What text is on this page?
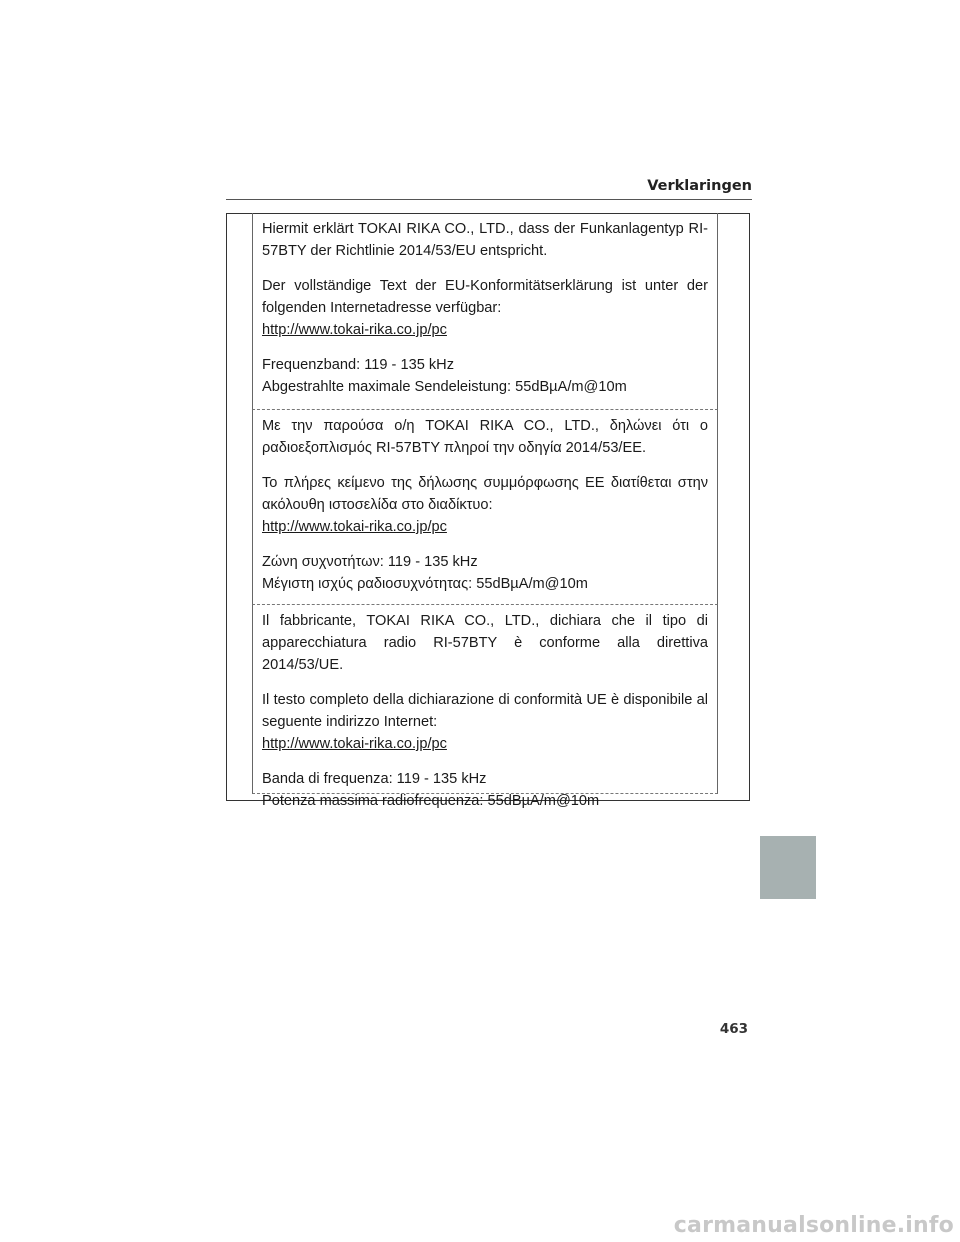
Verklaringen

Hiermit erklärt TOKAI RIKA CO., LTD., dass der Funkanlagentyp RI-57BTY der Richtlinie 2014/53/EU entspricht.

Der vollständige Text der EU-Konformitätserklärung ist unter der folgenden Internetadresse verfügbar:

http://www.tokai-rika.co.jp/pc

Frequenzband: 119 - 135 kHz

Abgestrahlte maximale Sendeleistung: 55dBµA/m@10m

Με την παρούσα ο/η TOKAI RIKA CO., LTD., δηλώνει ότι ο ραδιοεξοπλισμός RI-57BTY πληροί την οδηγία 2014/53/ΕΕ.

Το πλήρες κείμενο της δήλωσης συμμόρφωσης ΕΕ διατίθεται στην ακόλουθη ιστοσελίδα στο διαδίκτυο:

http://www.tokai-rika.co.jp/pc

Ζώνη συχνοτήτων: 119 - 135 kHz

Μέγιστη ισχύς ραδιοσυχνότητας: 55dBµA/m@10m

Il fabbricante, TOKAI RIKA CO., LTD., dichiara che il tipo di apparecchiatura radio RI-57BTY è conforme alla direttiva 2014/53/UE.

Il testo completo della dichiarazione di conformità UE è disponibile al seguente indirizzo Internet:

http://www.tokai-rika.co.jp/pc

Banda di frequenza: 119 - 135 kHz

Potenza massima radiofrequenza: 55dBµA/m@10m

463
carmanualsonline.info
